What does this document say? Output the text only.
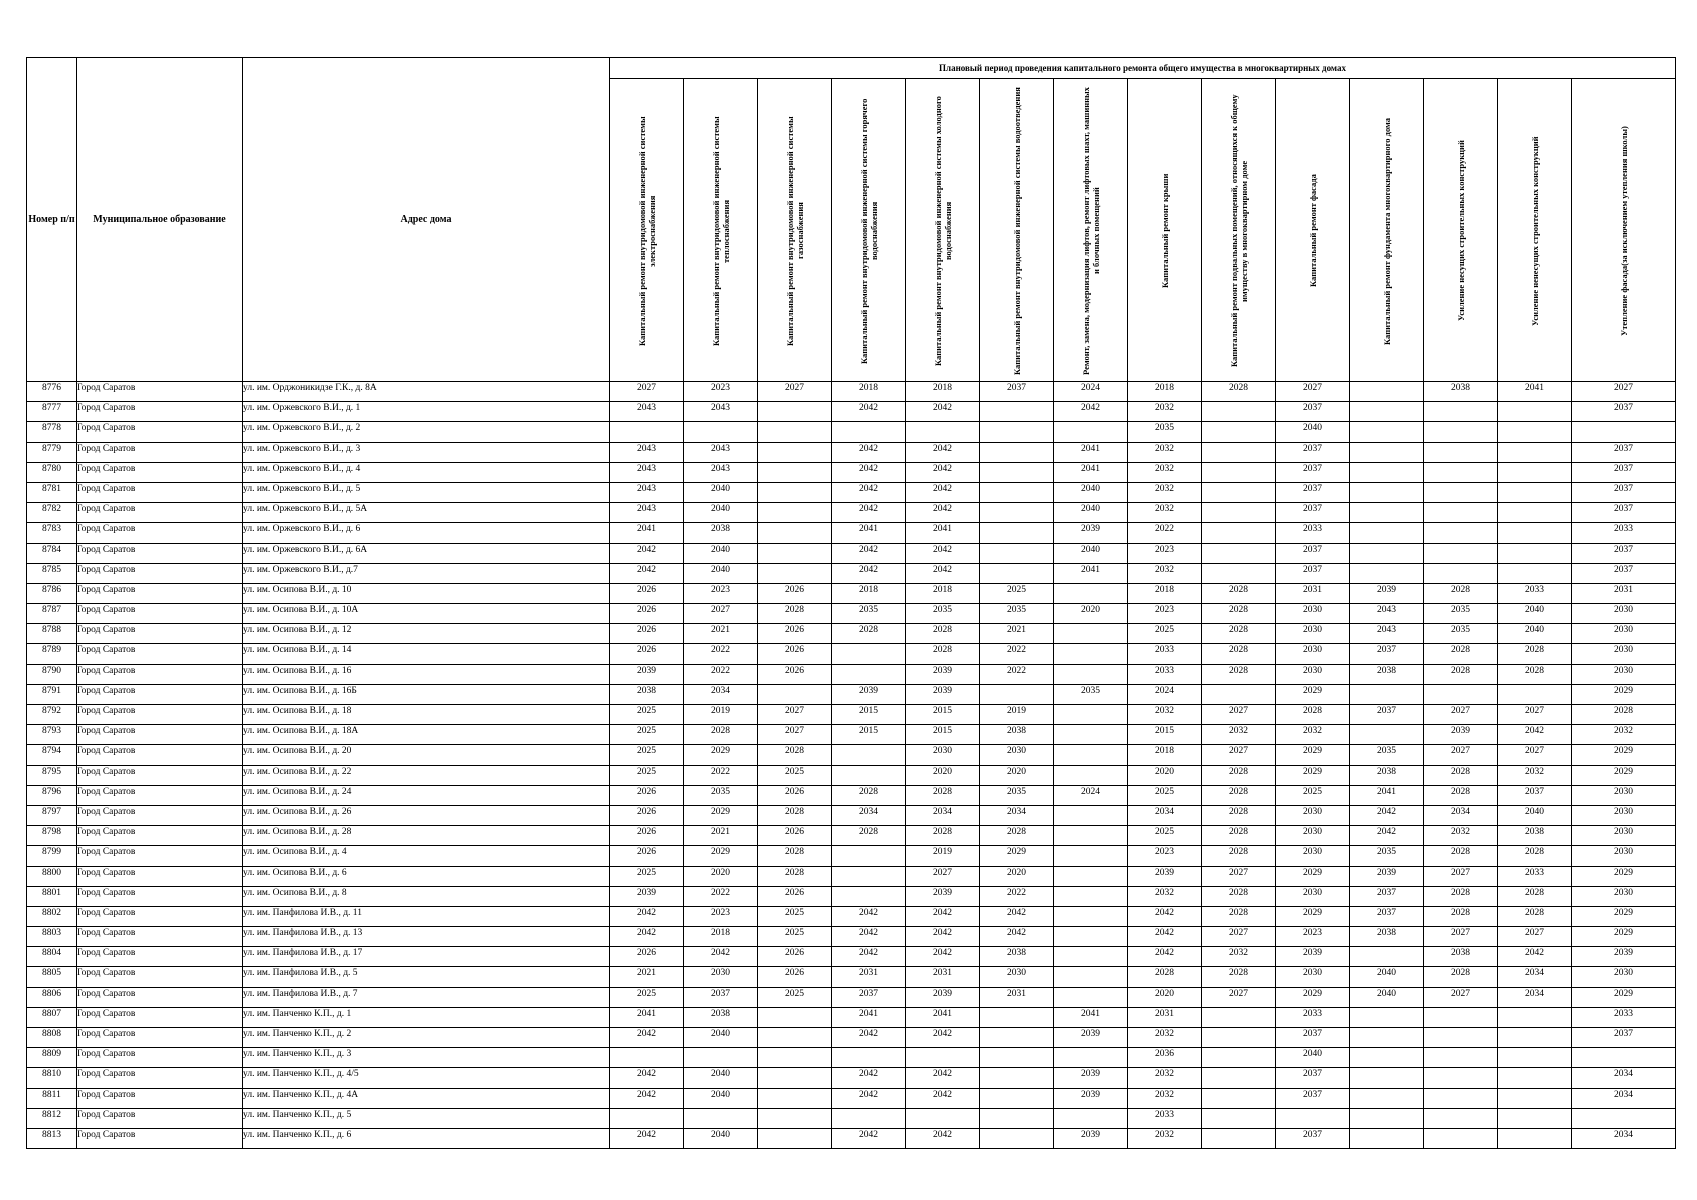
Номер п/п	Муниципальное образование	Адрес дома	Плановый период проведения капитального ремонта общего имущества в многоквартирных домах													

			Капитальный ремонт внутридомовой инженерной системы электроснабжения	Капитальный ремонт внутридомовой инженерной системы теплоснабжения	Капитальный ремонт внутридомовой инженерной системы газоснабжения	Капитальный ремонт внутридомовой инженерной системы горячего водоснабжения	Капитальный ремонт внутридомовой инженерной системы холодного водоснабжения	Капитальный ремонт внутридомовой инженерной системы водоотведения	Ремонт, замена, модернизация лифтов, ремонт лифтовых шахт, машинных и блочных помещений	Капитальный ремонт крыши	Капитальный ремонт подвальных помещений, относящихся к общему имуществу в многоквартирном доме	Капитальный ремонт фасада	Капитальный ремонт фундамента многоквартирного дома	Усиление несущих строительных конструкций	Усиление ненесущих строительных конструкций	Утепление фасада(за исключением утепления школы)

8776	Город Саратов	ул. им. Орджоникидзе Г.К., д. 8А	2027	2023	2027	2018	2018	2037	2024	2018	2028	2027		2038	2041	2027
8777	Город Саратов	ул. им. Оржевского В.И., д. 1	2043	2043		2042	2042		2042	2032		2037				2037
8778	Город Саратов	ул. им. Оржевского В.И., д. 2								2035		2040				
8779	Город Саратов	ул. им. Оржевского В.И., д. 3	2043	2043		2042	2042		2041	2032		2037				2037
8780	Город Саратов	ул. им. Оржевского В.И., д. 4	2043	2043		2042	2042		2041	2032		2037				2037
8781	Город Саратов	ул. им. Оржевского В.И., д. 5	2043	2040		2042	2042		2040	2032		2037				2037
8782	Город Саратов	ул. им. Оржевского В.И., д. 5А	2043	2040		2042	2042		2040	2032		2037				2037
8783	Город Саратов	ул. им. Оржевского В.И., д. 6	2041	2038		2041	2041		2039	2022		2033				2033
8784	Город Саратов	ул. им. Оржевского В.И., д. 6А	2042	2040		2042	2042		2040	2023		2037				2037
8785	Город Саратов	ул. им. Оржевского В.И., д.7	2042	2040		2042	2042		2041	2032		2037				2037
8786	Город Саратов	ул. им. Осипова В.И., д. 10	2026	2023	2026	2018	2018	2025		2018	2028	2031	2039	2028	2033	2031
8787	Город Саратов	ул. им. Осипова В.И., д. 10А	2026	2027	2028	2035	2035	2035	2020	2023	2028	2030	2043	2035	2040	2030
8788	Город Саратов	ул. им. Осипова В.И., д. 12	2026	2021	2026	2028	2028	2021		2025	2028	2030	2043	2035	2040	2030
8789	Город Саратов	ул. им. Осипова В.И., д. 14	2026	2022	2026		2028	2022		2033	2028	2030	2037	2028	2028	2030
8790	Город Саратов	ул. им. Осипова В.И., д. 16	2039	2022	2026		2039	2022		2033	2028	2030	2038	2028	2028	2030
8791	Город Саратов	ул. им. Осипова В.И., д. 16Б	2038	2034		2039	2039		2035	2024		2029				2029
8792	Город Саратов	ул. им. Осипова В.И., д. 18	2025	2019	2027	2015	2015	2019		2032	2027	2028	2037	2027	2027	2028
8793	Город Саратов	ул. им. Осипова В.И., д. 18А	2025	2028	2027	2015	2015	2038		2015	2032	2032		2039	2042	2032
8794	Город Саратов	ул. им. Осипова В.И., д. 20	2025	2029	2028		2030	2030		2018	2027	2029	2035	2027	2027	2029
8795	Город Саратов	ул. им. Осипова В.И., д. 22	2025	2022	2025		2020	2020		2020	2028	2029	2038	2028	2032	2029
8796	Город Саратов	ул. им. Осипова В.И., д. 24	2026	2035	2026	2028	2028	2035	2024	2025	2028	2025	2041	2028	2037	2030
8797	Город Саратов	ул. им. Осипова В.И., д. 26	2026	2029	2028	2034	2034	2034		2034	2028	2030	2042	2034	2040	2030
8798	Город Саратов	ул. им. Осипова В.И., д. 28	2026	2021	2026	2028	2028	2028		2025	2028	2030	2042	2032	2038	2030
8799	Город Саратов	ул. им. Осипова В.И., д. 4	2026	2029	2028		2019	2029		2023	2028	2030	2035	2028	2028	2030
8800	Город Саратов	ул. им. Осипова В.И., д. 6	2025	2020	2028		2027	2020		2039	2027	2029	2039	2027	2033	2029
8801	Город Саратов	ул. им. Осипова В.И., д. 8	2039	2022	2026		2039	2022		2032	2028	2030	2037	2028	2028	2030
8802	Город Саратов	ул. им. Панфилова И.В., д. 11	2042	2023	2025	2042	2042	2042		2042	2028	2029	2037	2028	2028	2029
8803	Город Саратов	ул. им. Панфилова И.В., д. 13	2042	2018	2025	2042	2042	2042		2042	2027	2023	2038	2027	2027	2029
8804	Город Саратов	ул. им. Панфилова И.В., д. 17	2026	2042	2026	2042	2042	2038		2042	2032	2039		2038	2042	2039
8805	Город Саратов	ул. им. Панфилова И.В., д. 5	2021	2030	2026	2031	2031	2030		2028	2028	2030	2040	2028	2034	2030
8806	Город Саратов	ул. им. Панфилова И.В., д. 7	2025	2037	2025	2037	2039	2031		2020	2027	2029	2040	2027	2034	2029
8807	Город Саратов	ул. им. Панченко К.П., д. 1	2041	2038		2041	2041		2041	2031		2033				2033
8808	Город Саратов	ул. им. Панченко К.П., д. 2	2042	2040		2042	2042		2039	2032		2037				2037
8809	Город Саратов	ул. им. Панченко К.П., д. 3								2036		2040				
8810	Город Саратов	ул. им. Панченко К.П., д. 4/5	2042	2040		2042	2042		2039	2032		2037				2034
8811	Город Саратов	ул. им. Панченко К.П., д. 4А	2042	2040		2042	2042		2039	2032		2037				2034
8812	Город Саратов	ул. им. Панченко К.П., д. 5								2033						
8813	Город Саратов	ул. им. Панченко К.П., д. 6	2042	2040		2042	2042		2039	2032		2037				2034
